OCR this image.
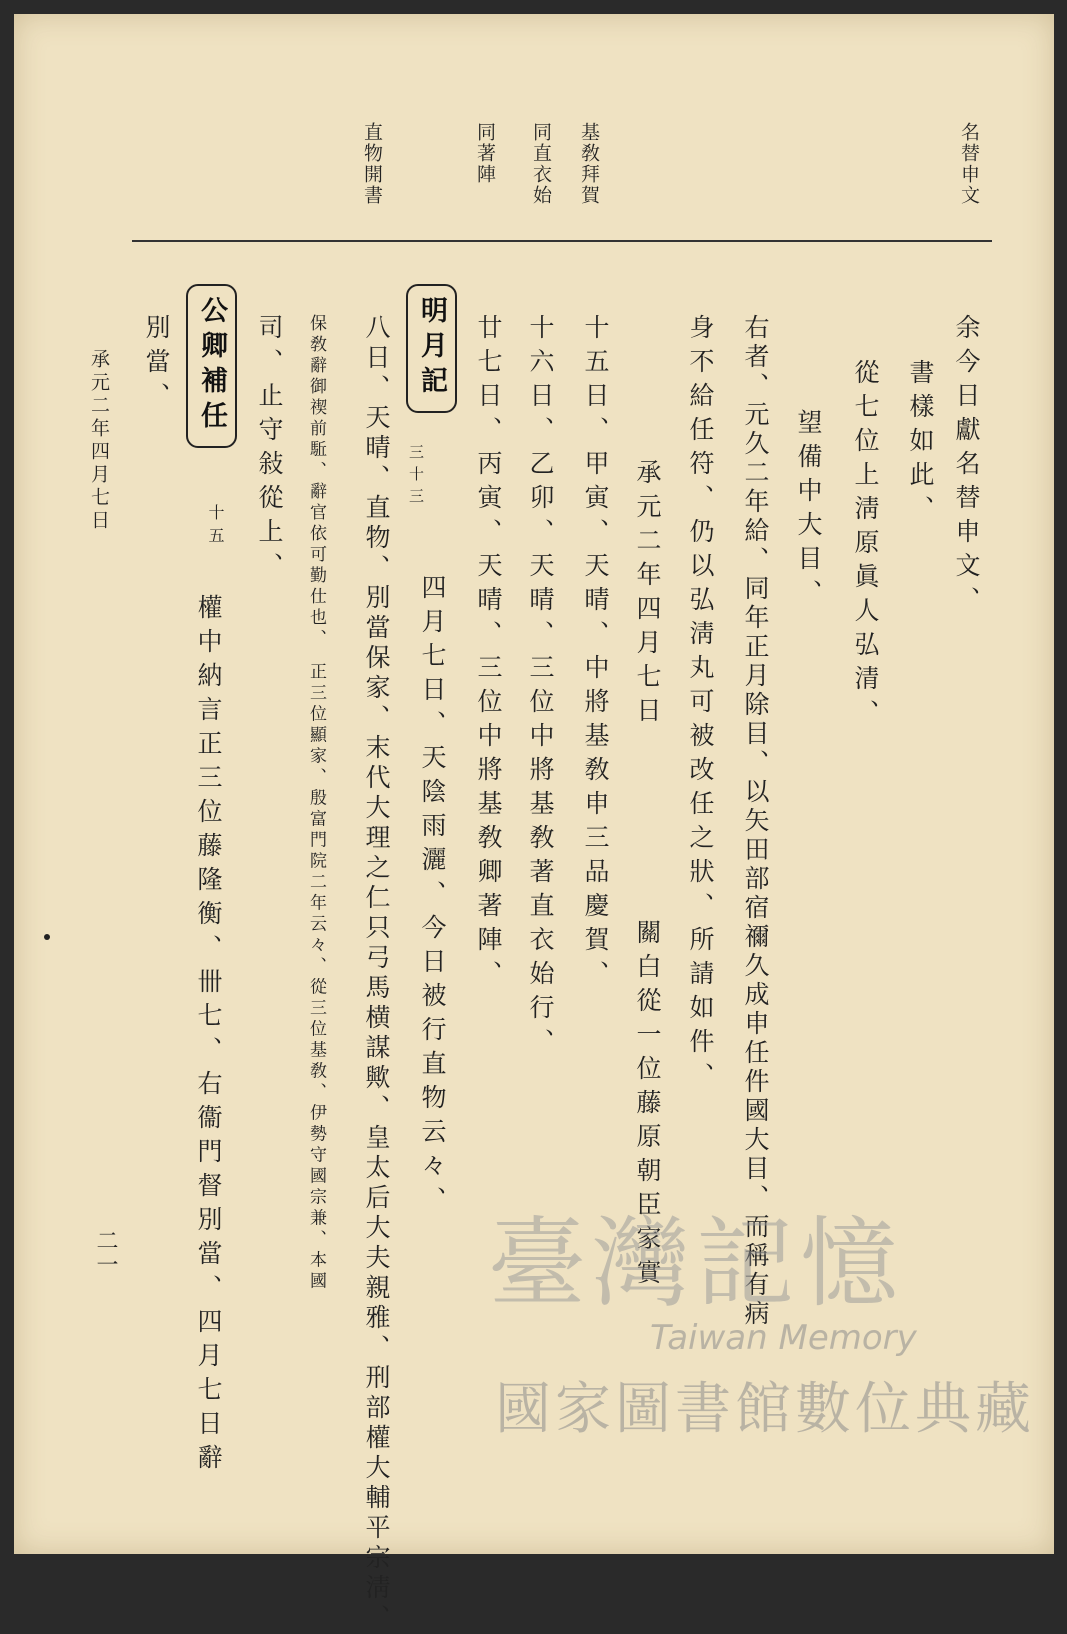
名替申文
基敎拜賀
同直衣始
同著陣
直物開書
余今日獻名替申文、
書樣如此、
從七位上淸原眞人弘清、
望備中大目、
右者、元久二年給、同年正月除目、以矢田部宿禰久成申任件國大目、而稱有病
身不給任符、仍以弘淸丸可被改任之狀、所請如件、
承元二年四月七日
關白從一位藤原朝臣家實
十五日、甲寅、天晴、中將基敎申三品慶賀、
十六日、乙卯、天晴、三位中將基敎著直衣始行、
廿七日、丙寅、天晴、三位中將基敎卿著陣、
明月記
三十三
四月七日、天陰雨灑、今日被行直物云々、
八日、天晴、直物、別當保家、末代大理之仁只弓馬横謀歟、皇太后大夫親雅、刑部權大輔平宗淸、
保敎辭御禊前駈、辭官依可勤仕也、　正三位顯家、殷富門院二年云々、從三位基敎、伊勢守國宗兼、本國
司、止守敍從上、
公卿補任
十五
權中納言正三位藤隆衡、卌七、右衞門督別當、四月七日辭
別當、
承元二年四月七日
二一	臺灣記憶
Taiwan Memory
國家圖書館數位典藏
